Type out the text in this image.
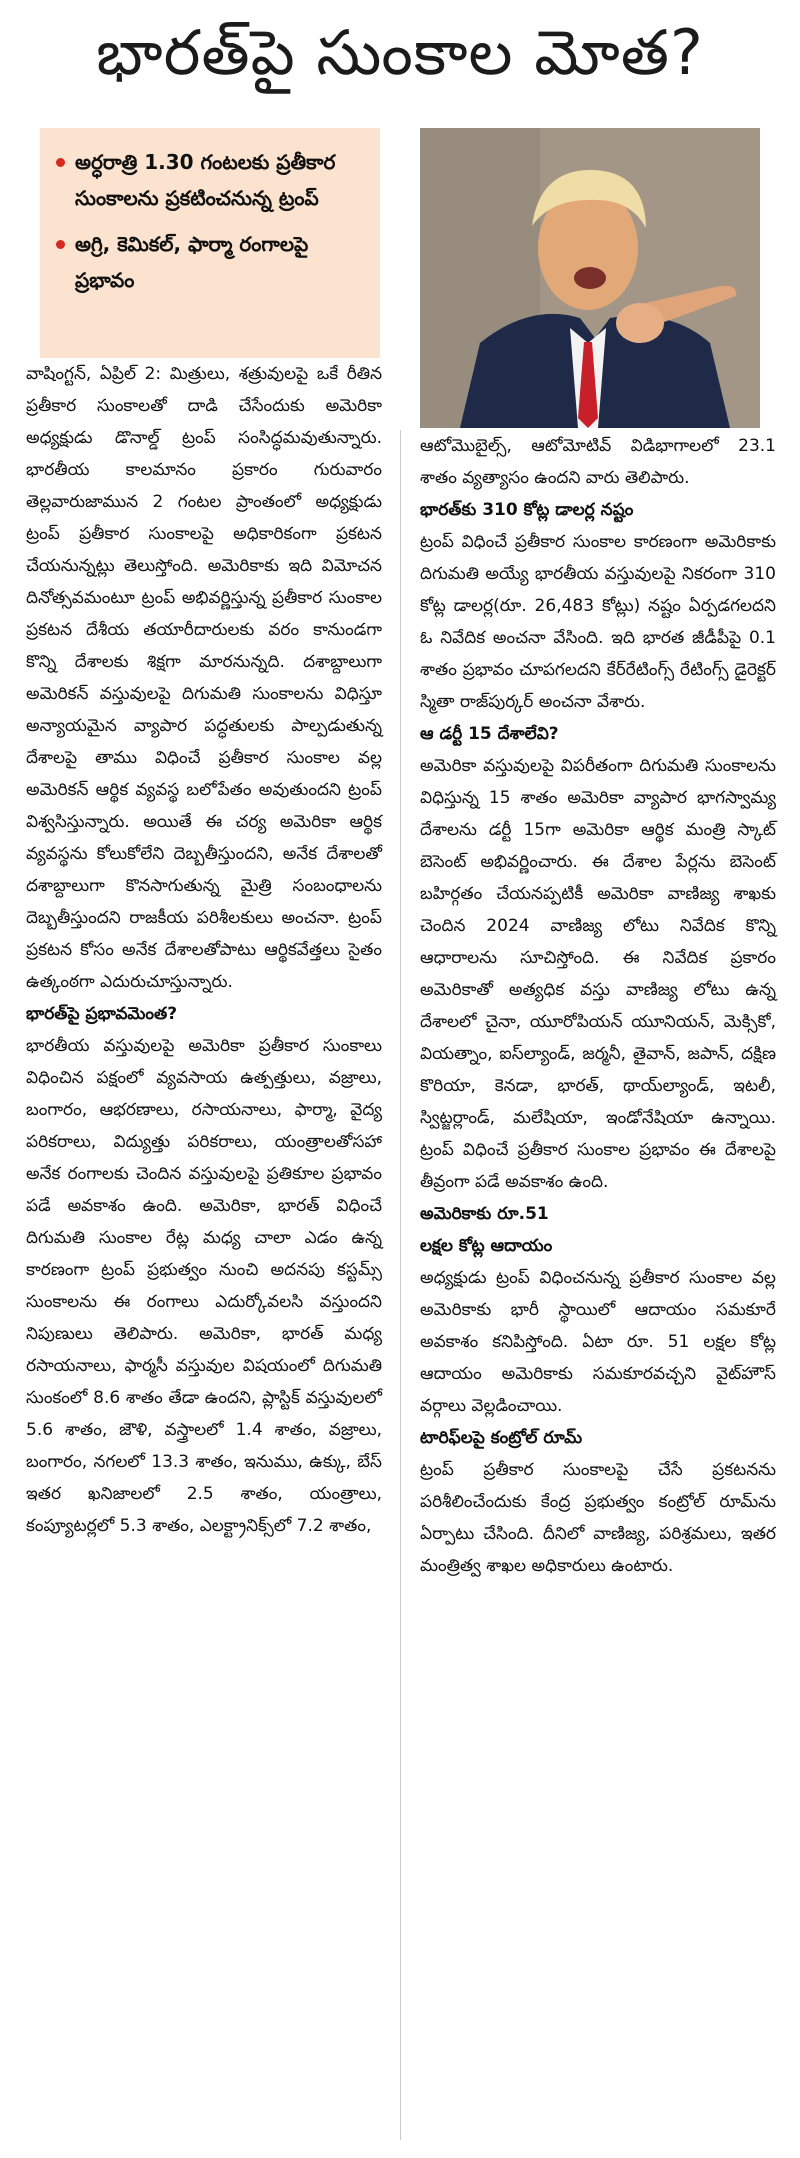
భారత్‌పై సుంకాల మోత?
అర్ధరాత్రి 1.30 గంటలకు ప్రతీకార సుంకాలను ప్రకటించనున్న ట్రంప్
అగ్రి, కెమికల్, ఫార్మా రంగాలపై ప్రభావం

వాషింగ్టన్, ఏప్రిల్ 2: మిత్రులు, శత్రువులపై ఒకే రీతిన ప్రతీకార సుంకాలతో దాడి చేసేందుకు అమెరికా అధ్యక్షుడు డొనాల్డ్ ట్రంప్ సంసిద్ధమవుతున్నారు. భారతీయ కాలమానం ప్రకారం గురువారం తెల్లవారుజామున 2 గంటల ప్రాంతంలో అధ్యక్షుడు ట్రంప్ ప్రతీకార సుంకాలపై అధికారికంగా ప్రకటన చేయనున్నట్లు తెలుస్తోంది. అమెరికాకు ఇది విమోచన దినోత్సవమంటూ ట్రంప్ అభివర్ణిస్తున్న ప్రతీకార సుంకాల ప్రకటన దేశీయ తయారీదారులకు వరం కానుండగా కొన్ని దేశాలకు శిక్షగా మారనున్నది. దశాబ్దాలుగా అమెరికన్ వస్తువులపై దిగుమతి సుంకాలను విధిస్తూ అన్యాయమైన వ్యాపార పద్ధతులకు పాల్పడుతున్న దేశాలపై తాము విధించే ప్రతీకార సుంకాల వల్ల అమెరికన్ ఆర్థిక వ్యవస్థ బలోపేతం అవుతుందని ట్రంప్ విశ్వసిస్తున్నారు. అయితే ఈ చర్య అమెరికా ఆర్థిక వ్యవస్థను కోలుకోలేని దెబ్బతీస్తుందని, అనేక దేశాలతో దశాబ్దాలుగా కొనసాగుతున్న మైత్రి సంబంధాలను దెబ్బతీస్తుందని రాజకీయ పరిశీలకులు అంచనా. ట్రంప్ ప్రకటన కోసం అనేక దేశాలతోపాటు ఆర్థికవేత్తలు సైతం ఉత్కంఠగా ఎదురుచూస్తున్నారు.

భారత్‌పై ప్రభావమెంత?

భారతీయ వస్తువులపై అమెరికా ప్రతీకార సుంకాలు విధించిన పక్షంలో వ్యవసాయ ఉత్పత్తులు, వజ్రాలు, బంగారం, ఆభరణాలు, రసాయనాలు, ఫార్మా, వైద్య పరికరాలు, విద్యుత్తు పరికరాలు, యంత్రాలతోసహా అనేక రంగాలకు చెందిన వస్తువులపై ప్రతికూల ప్రభావం పడే అవకాశం ఉంది. అమెరికా, భారత్ విధించే దిగుమతి సుంకాల రేట్ల మధ్య చాలా ఎడం ఉన్న కారణంగా ట్రంప్ ప్రభుత్వం నుంచి అదనపు కస్టమ్స్ సుంకాలను ఈ రంగాలు ఎదుర్కోవలసి వస్తుందని నిపుణులు తెలిపారు. అమెరికా, భారత్ మధ్య రసాయనాలు, ఫార్మసీ వస్తువుల విషయంలో దిగుమతి సుంకంలో 8.6 శాతం తేడా ఉందని, ప్లాస్టిక్ వస్తువులలో 5.6 శాతం, జౌళి, వస్త్రాలలో 1.4 శాతం, వజ్రాలు, బంగారం, నగలలో 13.3 శాతం, ఇనుము, ఉక్కు, బేస్ ఇతర ఖనిజాలలో 2.5 శాతం, యంత్రాలు, కంప్యూటర్లలో 5.3 శాతం, ఎలక్ట్రానిక్స్‌లో 7.2 శాతం,

ఆటోమొబైల్స్, ఆటోమోటివ్ విడిభాగాలలో 23.1 శాతం వ్యత్యాసం ఉందని వారు తెలిపారు.

భారత్‌కు 310 కోట్ల డాలర్ల నష్టం

ట్రంప్ విధించే ప్రతీకార సుంకాల కారణంగా అమెరికాకు దిగుమతి అయ్యే భారతీయ వస్తువులపై నికరంగా 310 కోట్ల డాలర్ల(రూ. 26,483 కోట్లు) నష్టం ఏర్పడగలదని ఓ నివేదిక అంచనా వేసింది. ఇది భారత జీడీపీపై 0.1 శాతం ప్రభావం చూపగలదని కేర్‌రేటింగ్స్ రేటింగ్స్ డైరెక్టర్ స్మితా రాజ్‌పుర్కర్ అంచనా వేశారు.

ఆ డర్టీ 15 దేశాలేవి?

అమెరికా వస్తువులపై విపరీతంగా దిగుమతి సుంకాలను విధిస్తున్న 15 శాతం అమెరికా వ్యాపార భాగస్వామ్య దేశాలను డర్టీ 15గా అమెరికా ఆర్థిక మంత్రి స్కాట్ బెసెంట్ అభివర్ణించారు. ఈ దేశాల పేర్లను బెసెంట్ బహిర్గతం చేయనప్పటికీ అమెరికా వాణిజ్య శాఖకు చెందిన 2024 వాణిజ్య లోటు నివేదిక కొన్ని ఆధారాలను సూచిస్తోంది. ఈ నివేదిక ప్రకారం అమెరికాతో అత్యధిక వస్తు వాణిజ్య లోటు ఉన్న దేశాలలో చైనా, యూరోపియన్ యూనియన్, మెక్సికో, వియత్నాం, ఐస్‌ల్యాండ్, జర్మనీ, తైవాన్, జపాన్, దక్షిణ కొరియా, కెనడా, భారత్, థాయ్‌ల్యాండ్, ఇటలీ, స్విట్జర్లాండ్, మలేషియా, ఇండోనేషియా ఉన్నాయి. ట్రంప్ విధించే ప్రతీకార సుంకాల ప్రభావం ఈ దేశాలపై తీవ్రంగా పడే అవకాశం ఉంది.

అమెరికాకు రూ.51

లక్షల కోట్ల ఆదాయం

అధ్యక్షుడు ట్రంప్ విధించనున్న ప్రతీకార సుంకాల వల్ల అమెరికాకు భారీ స్థాయిలో ఆదాయం సమకూరే అవకాశం కనిపిస్తోంది. ఏటా రూ. 51 లక్షల కోట్ల ఆదాయం అమెరికాకు సమకూరవచ్చని వైట్‌హౌస్ వర్గాలు వెల్లడించాయి.

టారిఫ్‌లపై కంట్రోల్ రూమ్

ట్రంప్ ప్రతీకార సుంకాలపై చేసే ప్రకటనను పరిశీలించేందుకు కేంద్ర ప్రభుత్వం కంట్రోల్ రూమ్‌ను ఏర్పాటు చేసింది. దీనిలో వాణిజ్య, పరిశ్రమలు, ఇతర మంత్రిత్వ శాఖల అధికారులు ఉంటారు.
